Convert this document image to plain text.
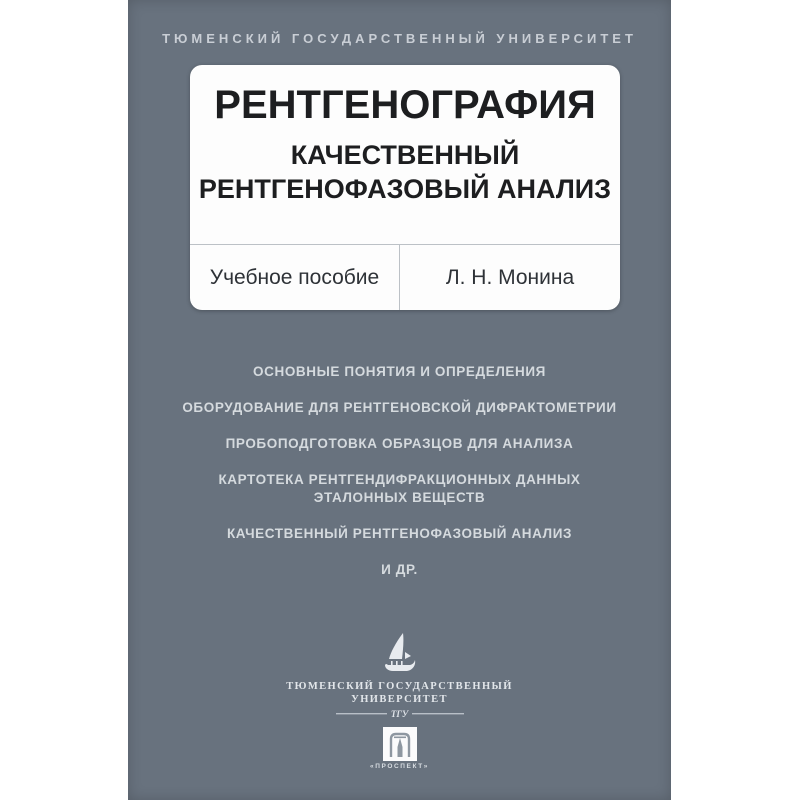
ТЮМЕНСКИЙ ГОСУДАРСТВЕННЫЙ УНИВЕРСИТЕТ
РЕНТГЕНОГРАФИЯ
КАЧЕСТВЕННЫЙ
РЕНТГЕНОФАЗОВЫЙ АНАЛИЗ
Учебное пособие	Л. Н. Монина
ОСНОВНЫЕ ПОНЯТИЯ И ОПРЕДЕЛЕНИЯ
ОБОРУДОВАНИЕ ДЛЯ РЕНТГЕНОВСКОЙ ДИФРАКТОМЕТРИИ
ПРОБОПОДГОТОВКА ОБРАЗЦОВ ДЛЯ АНАЛИЗА
КАРТОТЕКА РЕНТГЕНДИФРАКЦИОННЫХ ДАННЫХ
ЭТАЛОННЫХ ВЕЩЕСТВ
КАЧЕСТВЕННЫЙ РЕНТГЕНОФАЗОВЫЙ АНАЛИЗ
И ДР.
ТЮМЕНСКИЙ ГОСУДАРСТВЕННЫЙ
УНИВЕРСИТЕТ
ТГУ
«ПРОСПЕКТ»
